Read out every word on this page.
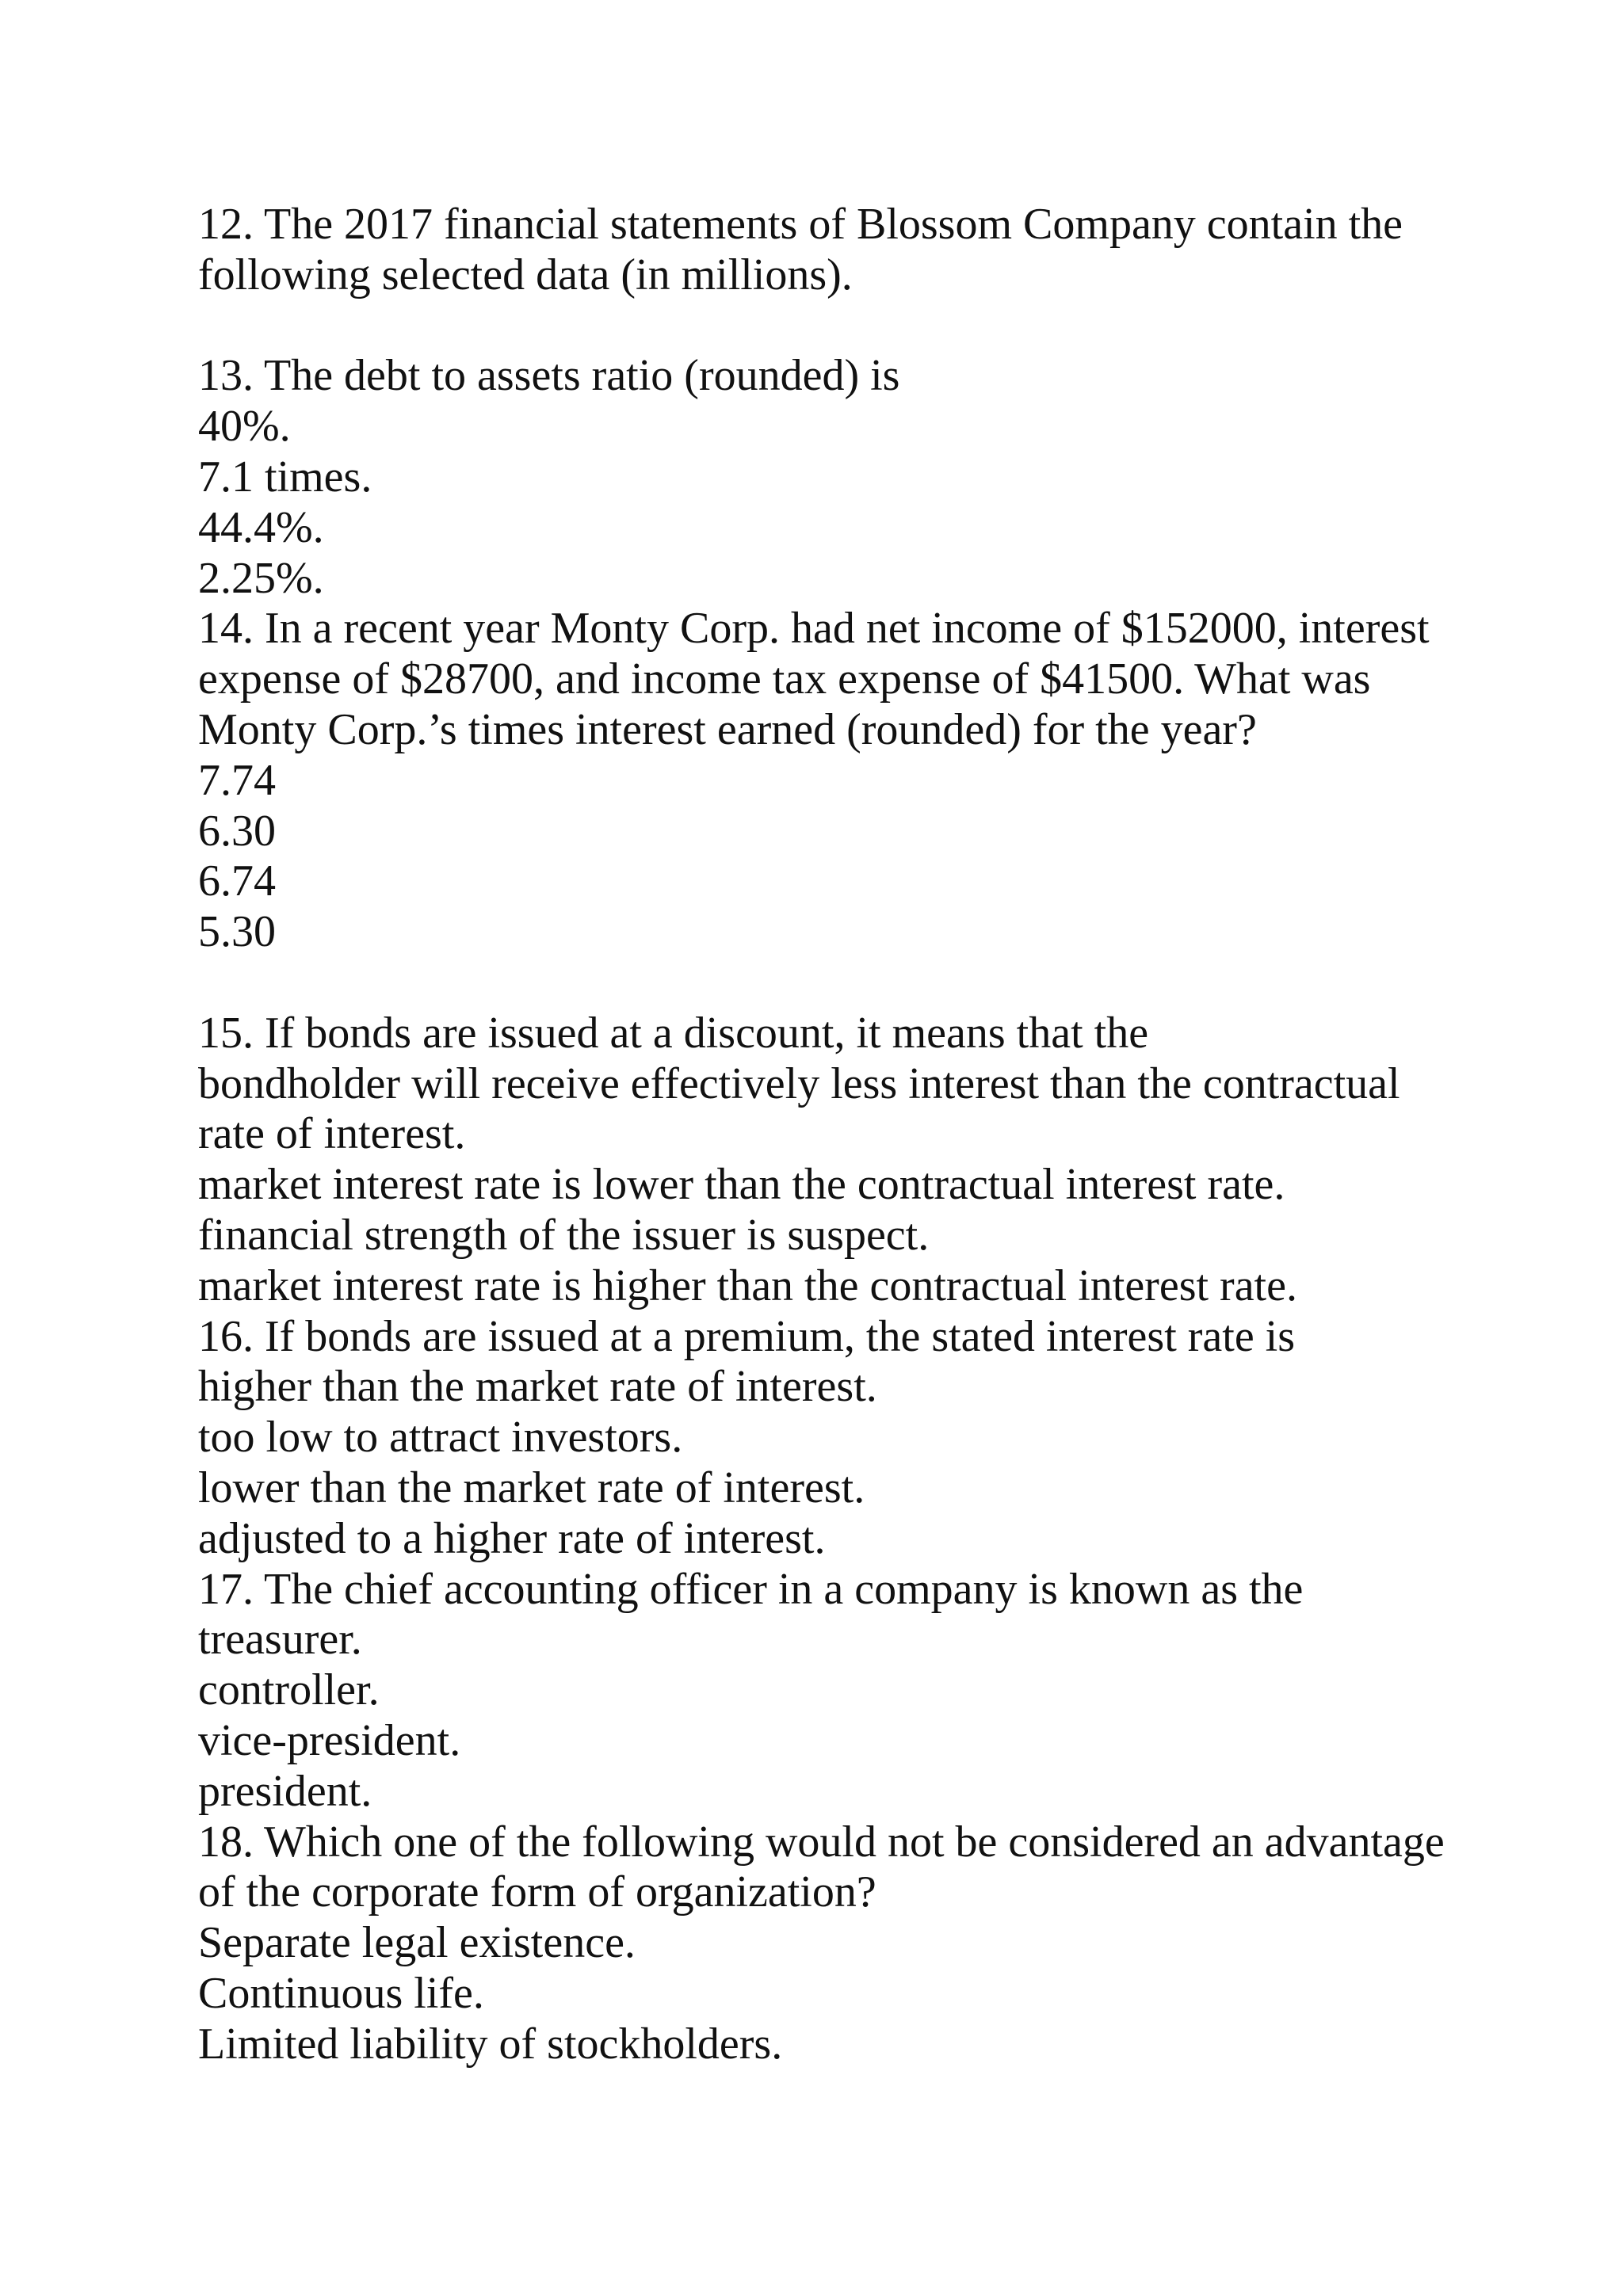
12. The 2017 financial statements of Blossom Company contain the
following selected data (in millions).
13. The debt to assets ratio (rounded) is
40%.
7.1 times.
44.4%.
2.25%.
14. In a recent year Monty Corp. had net income of $152000, interest
expense of $28700, and income tax expense of $41500. What was
Monty Corp.’s times interest earned (rounded) for the year?
7.74
6.30
6.74
5.30
15. If bonds are issued at a discount, it means that the
bondholder will receive effectively less interest than the contractual
rate of interest.
market interest rate is lower than the contractual interest rate.
financial strength of the issuer is suspect.
market interest rate is higher than the contractual interest rate.
16. If bonds are issued at a premium, the stated interest rate is
higher than the market rate of interest.
too low to attract investors.
lower than the market rate of interest.
adjusted to a higher rate of interest.
17. The chief accounting officer in a company is known as the
treasurer.
controller.
vice-president.
president.
18. Which one of the following would not be considered an advantage
of the corporate form of organization?
Separate legal existence.
Continuous life.
Limited liability of stockholders.
